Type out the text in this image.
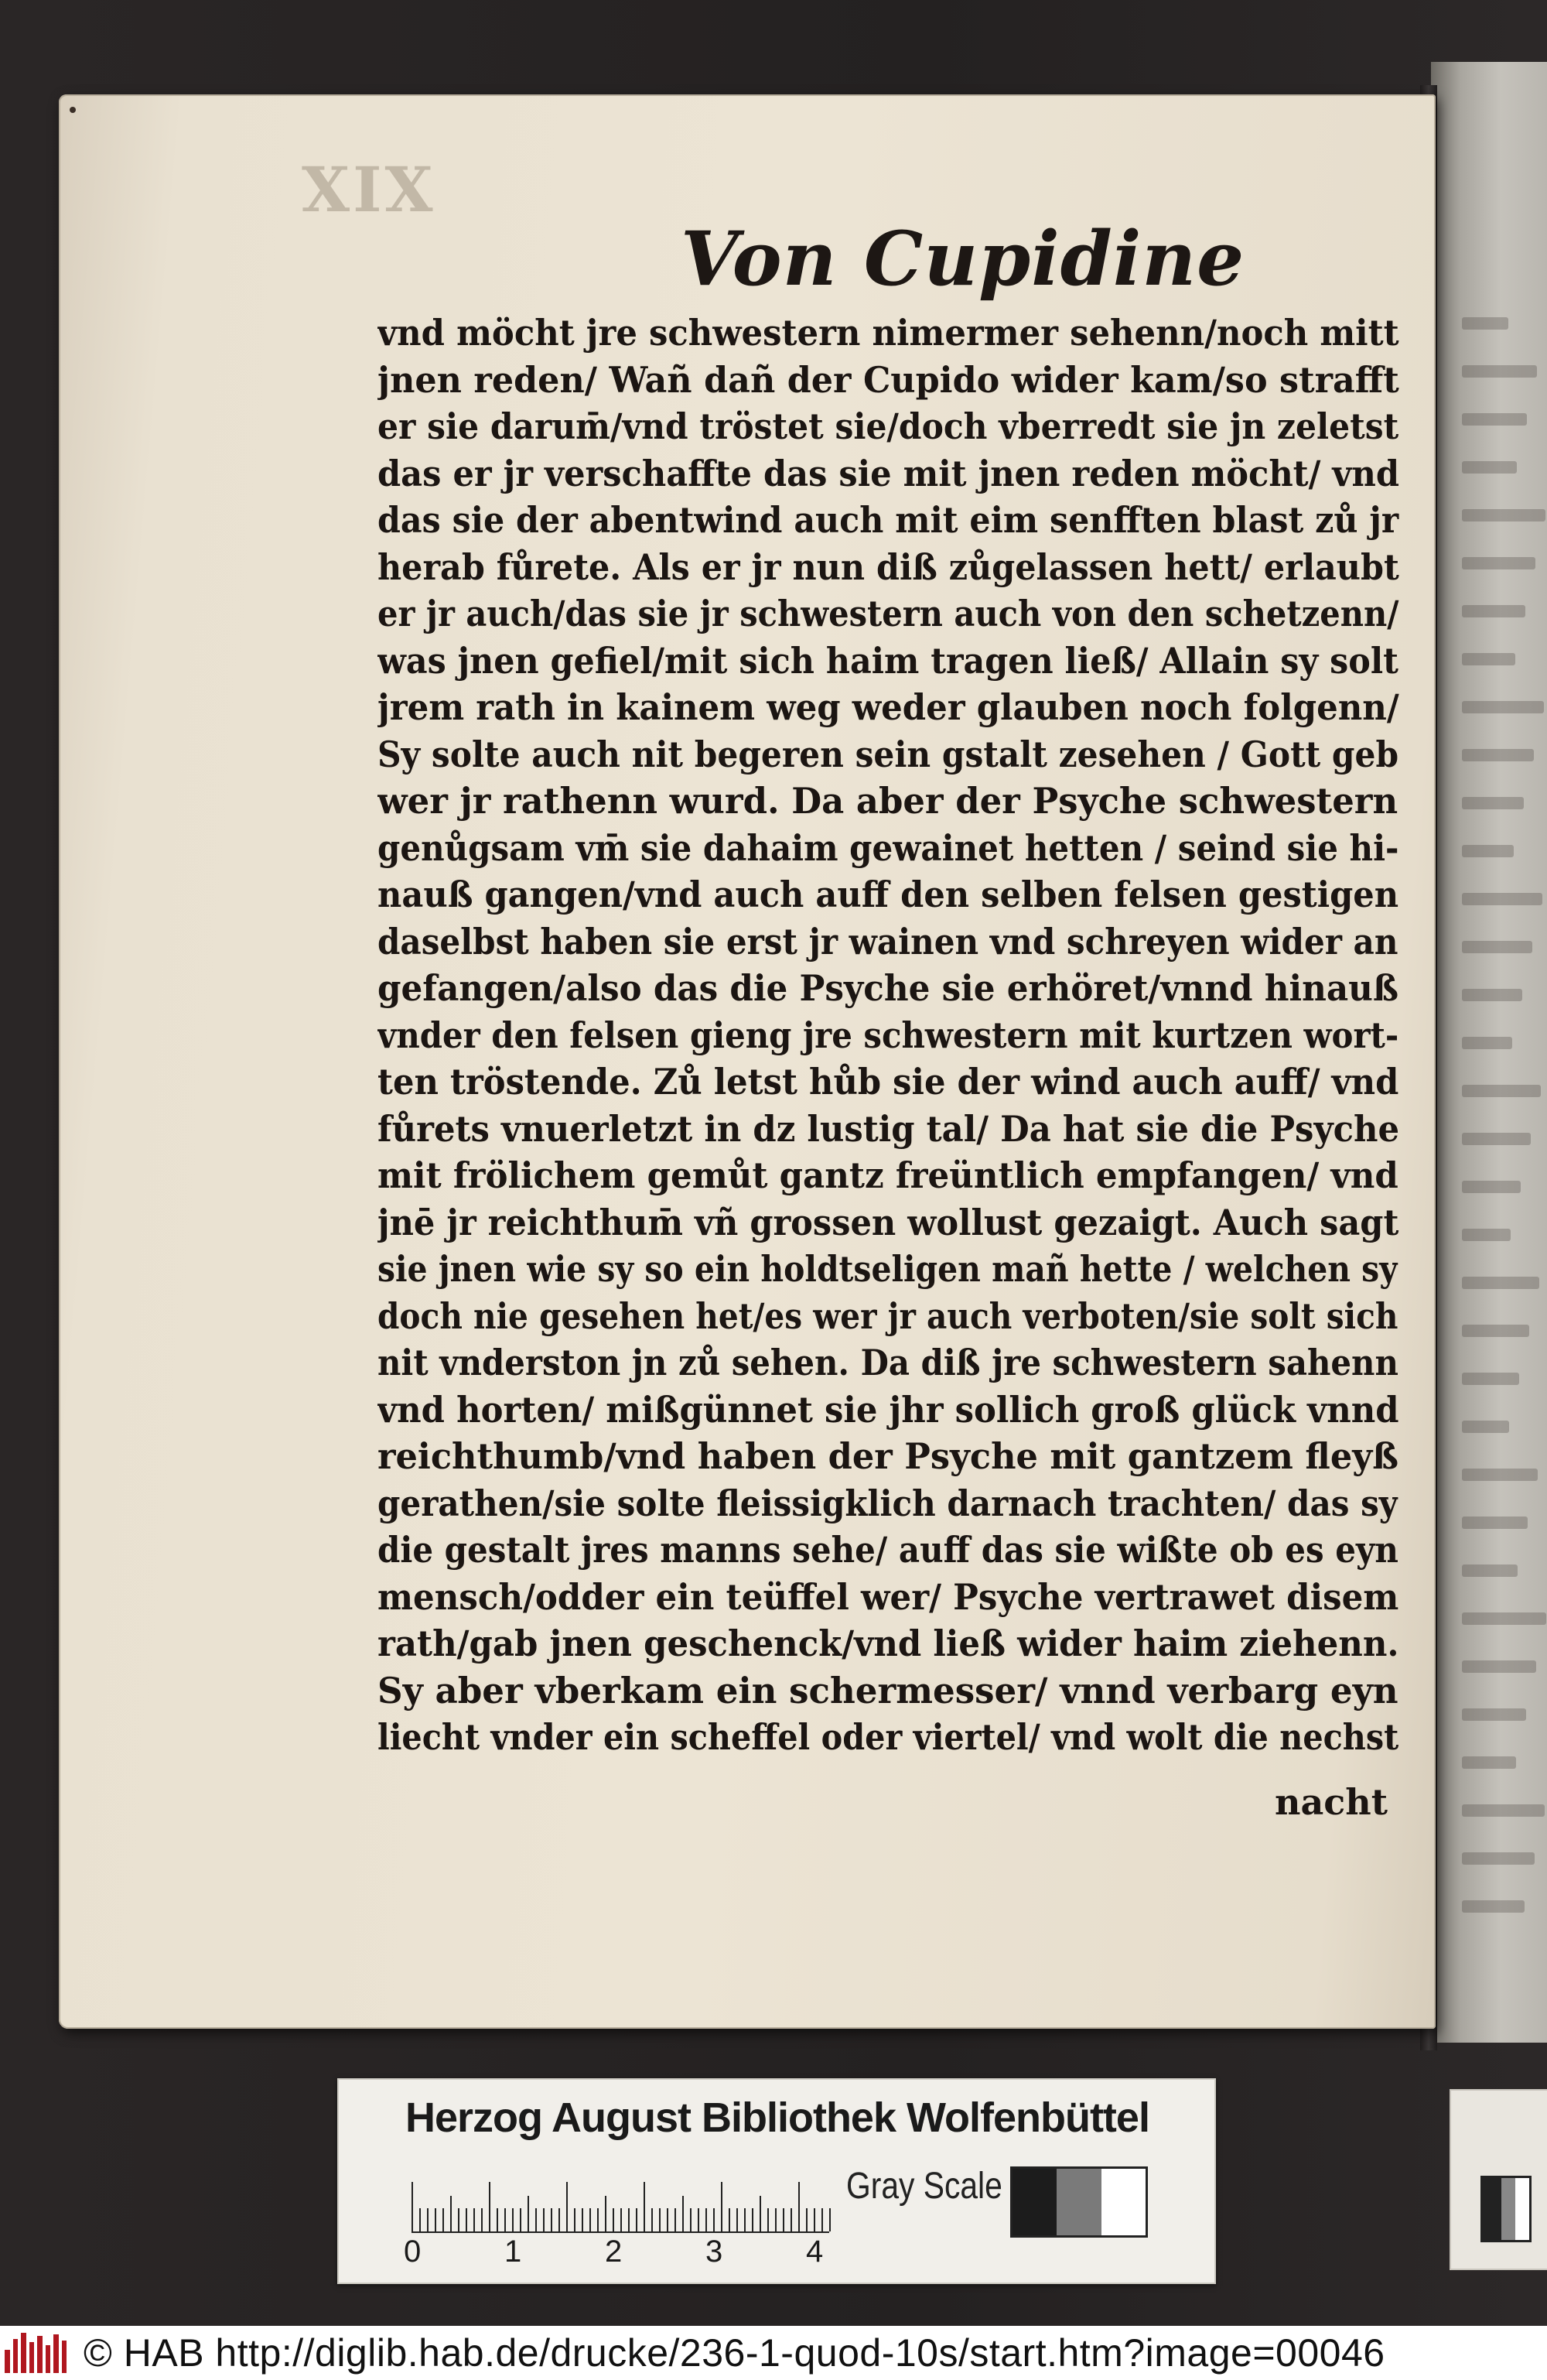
XIX
Von Cupidine
vnd möcht jre schwestern nimermer sehenn/noch mitt
jnen reden/ Wañ dañ der Cupido wider kam/so strafft
er sie darum̄/vnd tröstet sie/doch vberredt sie jn zeletst
das er jr verschaffte das sie mit jnen reden möcht/ vnd
das sie der abentwind auch mit eim senfften blast zů jr
herab fůrete. Als er jr nun diß zůgelassen hett/ erlaubt
er jr auch/das sie jr schwestern auch von den schetzenn/
was jnen gefiel/mit sich haim tragen ließ/ Allain sy solt
jrem rath in kainem weg weder glauben noch folgenn/
Sy solte auch nit begeren sein gstalt zesehen / Gott geb
wer jr rathenn wurd. Da aber der Psyche schwestern
genůgsam vm̄ sie dahaim gewainet hetten / seind sie hi-
nauß gangen/vnd auch auff den selben felsen gestigen
daselbst haben sie erst jr wainen vnd schreyen wider an
gefangen/also das die Psyche sie erhöret/vnnd hinauß
vnder den felsen gieng jre schwestern mit kurtzen wort-
ten tröstende. Zů letst hůb sie der wind auch auff/ vnd
fůrets vnuerletzt in dz lustig tal/ Da hat sie die Psyche
mit frölichem gemůt gantz freüntlich empfangen/ vnd
jnē jr reichthum̄ vñ grossen wollust gezaigt. Auch sagt
sie jnen wie sy so ein holdtseligen mañ hette / welchen sy
doch nie gesehen het/es wer jr auch verboten/sie solt sich
nit vnderston jn zů sehen. Da diß jre schwestern sahenn
vnd horten/ mißgünnet sie jhr sollich groß glück vnnd
reichthumb/vnd haben der Psyche mit gantzem fleyß
gerathen/sie solte fleissigklich darnach trachten/ das sy
die gestalt jres manns sehe/ auff das sie wißte ob es eyn
mensch/odder ein teüffel wer/ Psyche vertrawet disem
rath/gab jnen geschenck/vnd ließ wider haim ziehenn.
Sy aber vberkam ein schermesser/ vnnd verbarg eyn
liecht vnder ein scheffel oder viertel/ vnd wolt die nechst
nacht
Herzog August Bibliothek Wolfenbüttel
Gray Scale
0	1	2	3	4
© HAB http://diglib.hab.de/drucke/236-1-quod-10s/start.htm?image=00046
